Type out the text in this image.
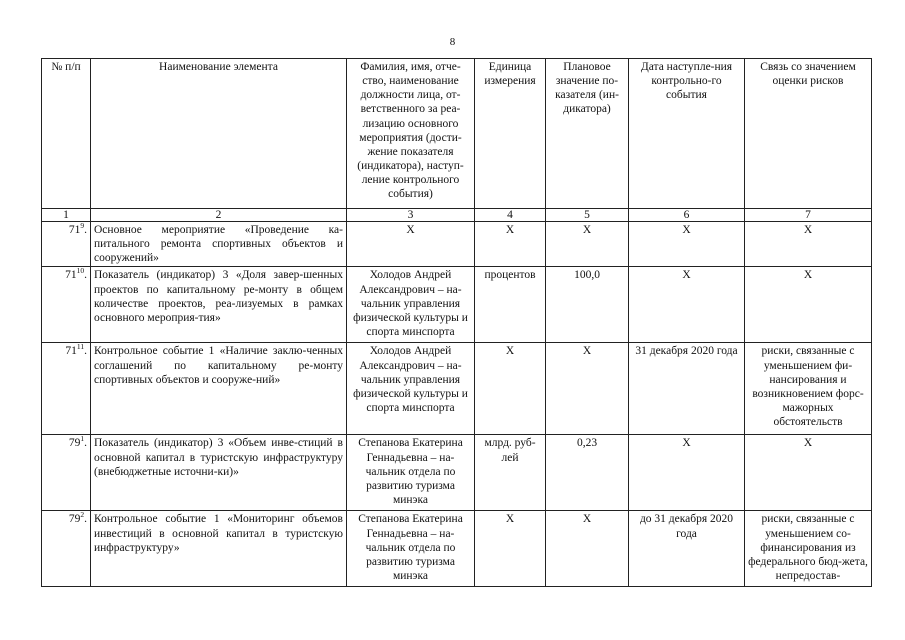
8
№ п/п	Наименование элемента	Фамилия, имя, отче-ство, наименование должности лица, от-ветственного за реа-лизацию основного мероприятия (дости-жение показателя (индикатора), наступ-ление контрольного события)	Единица измерения	Плановое значение по-казателя (ин-дикатора)	Дата наступле-ния контрольно-го события	Связь со значением оценки рисков
1	2	3	4	5	6	7
$71^9$.	Основное мероприятие «Проведение ка-питального ремонта спортивных объектов и сооружений»	Х	Х	Х	Х	Х
$71^{10}$.	Показатель (индикатор) 3 «Доля завер-шенных проектов по капитальному ре-монту в общем количестве проектов, реа-лизуемых в рамках основного мероприя-тия»	Холодов Андрей Александрович – на-чальник управления физической культуры и спорта минспорта	процентов	100,0	Х	Х
$71^{11}$.	Контрольное событие 1 «Наличие заклю-ченных соглашений по капитальному ре-монту спортивных объектов и сооруже-ний»	Холодов Андрей Александрович – на-чальник управления физической культуры и спорта минспорта	Х	Х	31 декабря 2020 года	риски, связанные с уменьшением фи-нансирования и возникновением форс-мажорных обстоятельств
$79^1$.	Показатель (индикатор) 3 «Объем инве-стиций в основной капитал в туристскую инфраструктуру (внебюджетные источни-ки)»	Степанова Екатерина Геннадьевна – на-чальник отдела по развитию туризма минэка	млрд. руб-лей	0,23	Х	Х
$79^2$.	Контрольное событие 1 «Мониторинг объемов инвестиций в основной капитал в туристскую инфраструктуру»	Степанова Екатерина Геннадьевна – на-чальник отдела по развитию туризма минэка	Х	Х	до 31 декабря 2020 года	риски, связанные с уменьшением со-финансирования из федерального бюд-жета, непредостав-
